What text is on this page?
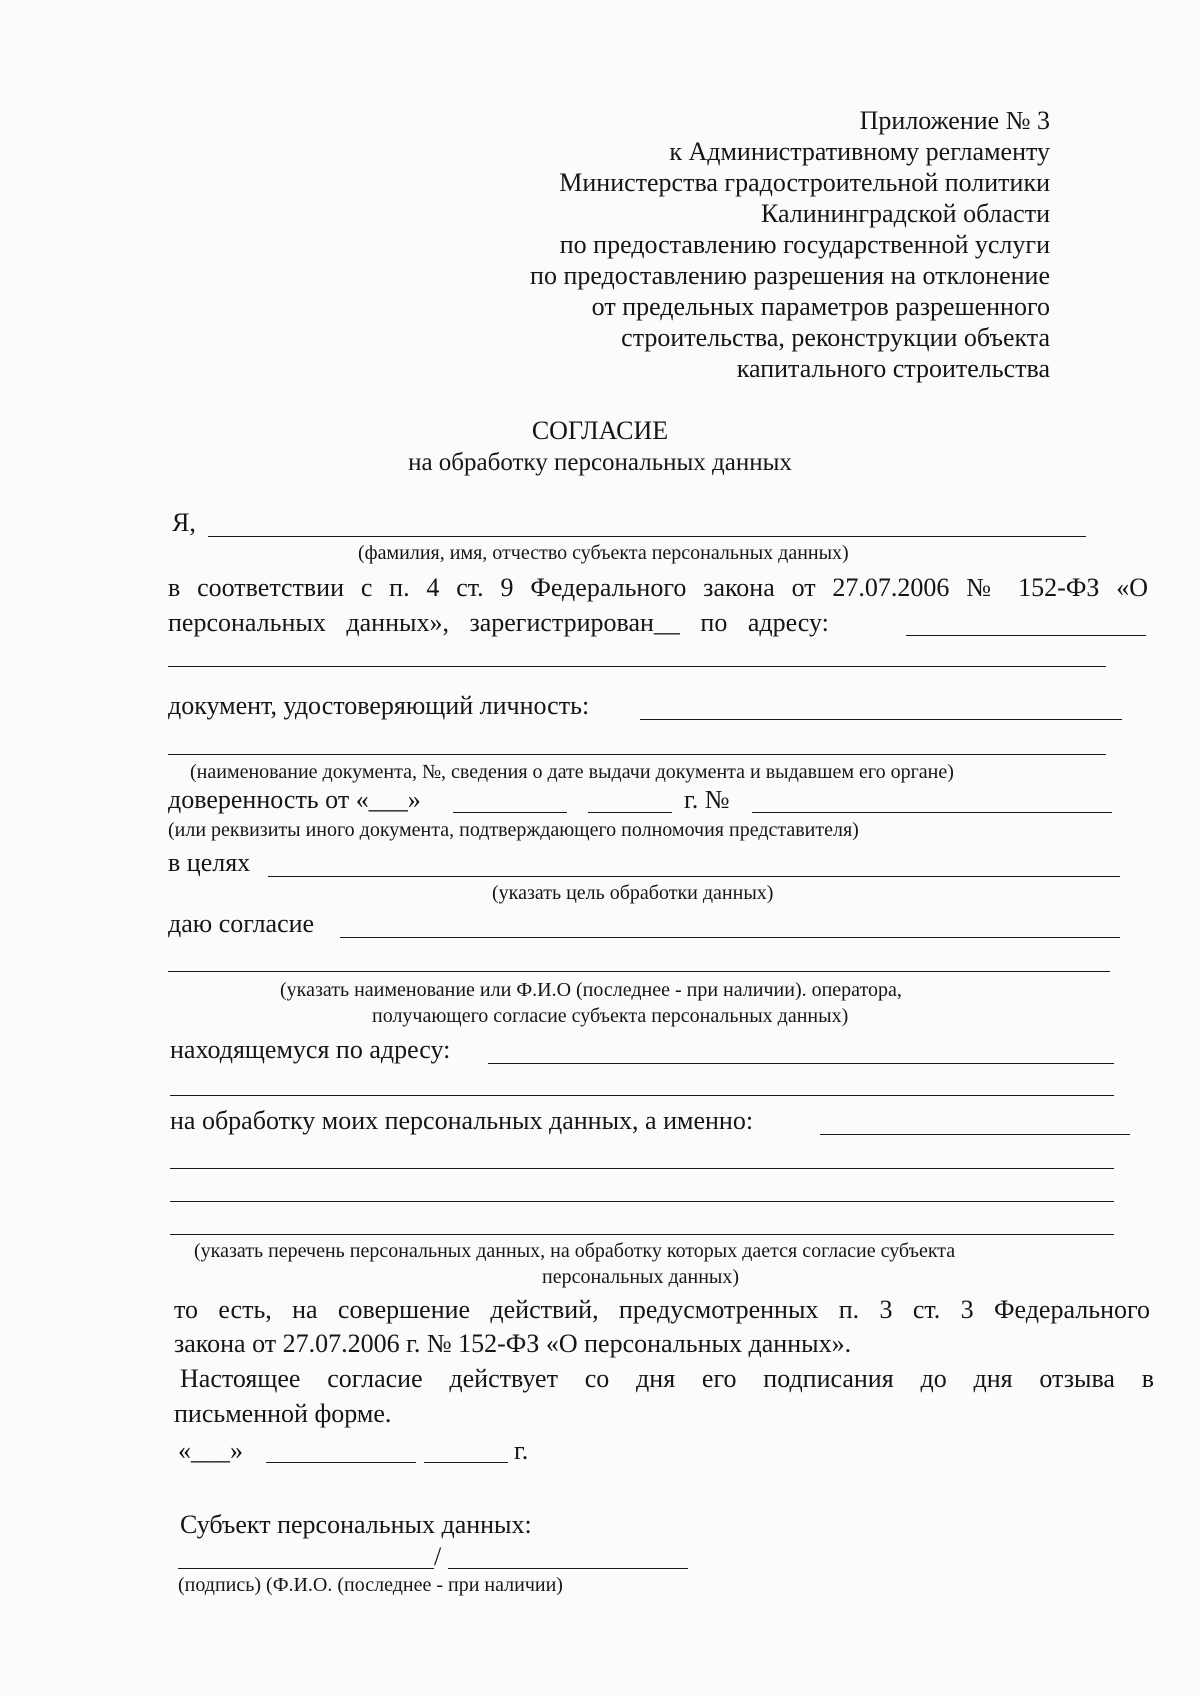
Приложение № 3
к Административному регламенту
Министерства градостроительной политики
Калининградской области
по предоставлению государственной услуги
по предоставлению разрешения на отклонение
от предельных параметров разрешенного
строительства, реконструкции объекта
капитального строительства
СОГЛАСИЕ
на обработку персональных данных
Я,
(фамилия, имя, отчество субъекта персональных данных)
в соответствии с п. 4 ст. 9 Федерального закона от 27.07.2006 № 152-ФЗ «О
персональных данных», зарегистрирован__ по адресу:
документ, удостоверяющий личность:
(наименование документа, №, сведения о дате выдачи документа и выдавшем его органе)
доверенность от «___»	г. №
(или реквизиты иного документа, подтверждающего полномочия представителя)
в целях
(указать цель обработки данных)
даю согласие
(указать наименование или Ф.И.О (последнее - при наличии). оператора,
получающего согласие субъекта персональных данных)
находящемуся по адресу:
на обработку моих персональных данных, а именно:
(указать перечень персональных данных, на обработку которых дается согласие субъекта
персональных данных)
то есть, на совершение действий, предусмотренных п. 3 ст. 3 Федерального
закона от 27.07.2006 г. № 152-ФЗ «О персональных данных».
Настоящее согласие действует со дня его подписания до дня отзыва в
письменной форме.
«___»	г.
Субъект персональных данных:
/
(подпись) (Ф.И.О. (последнее - при наличии)
